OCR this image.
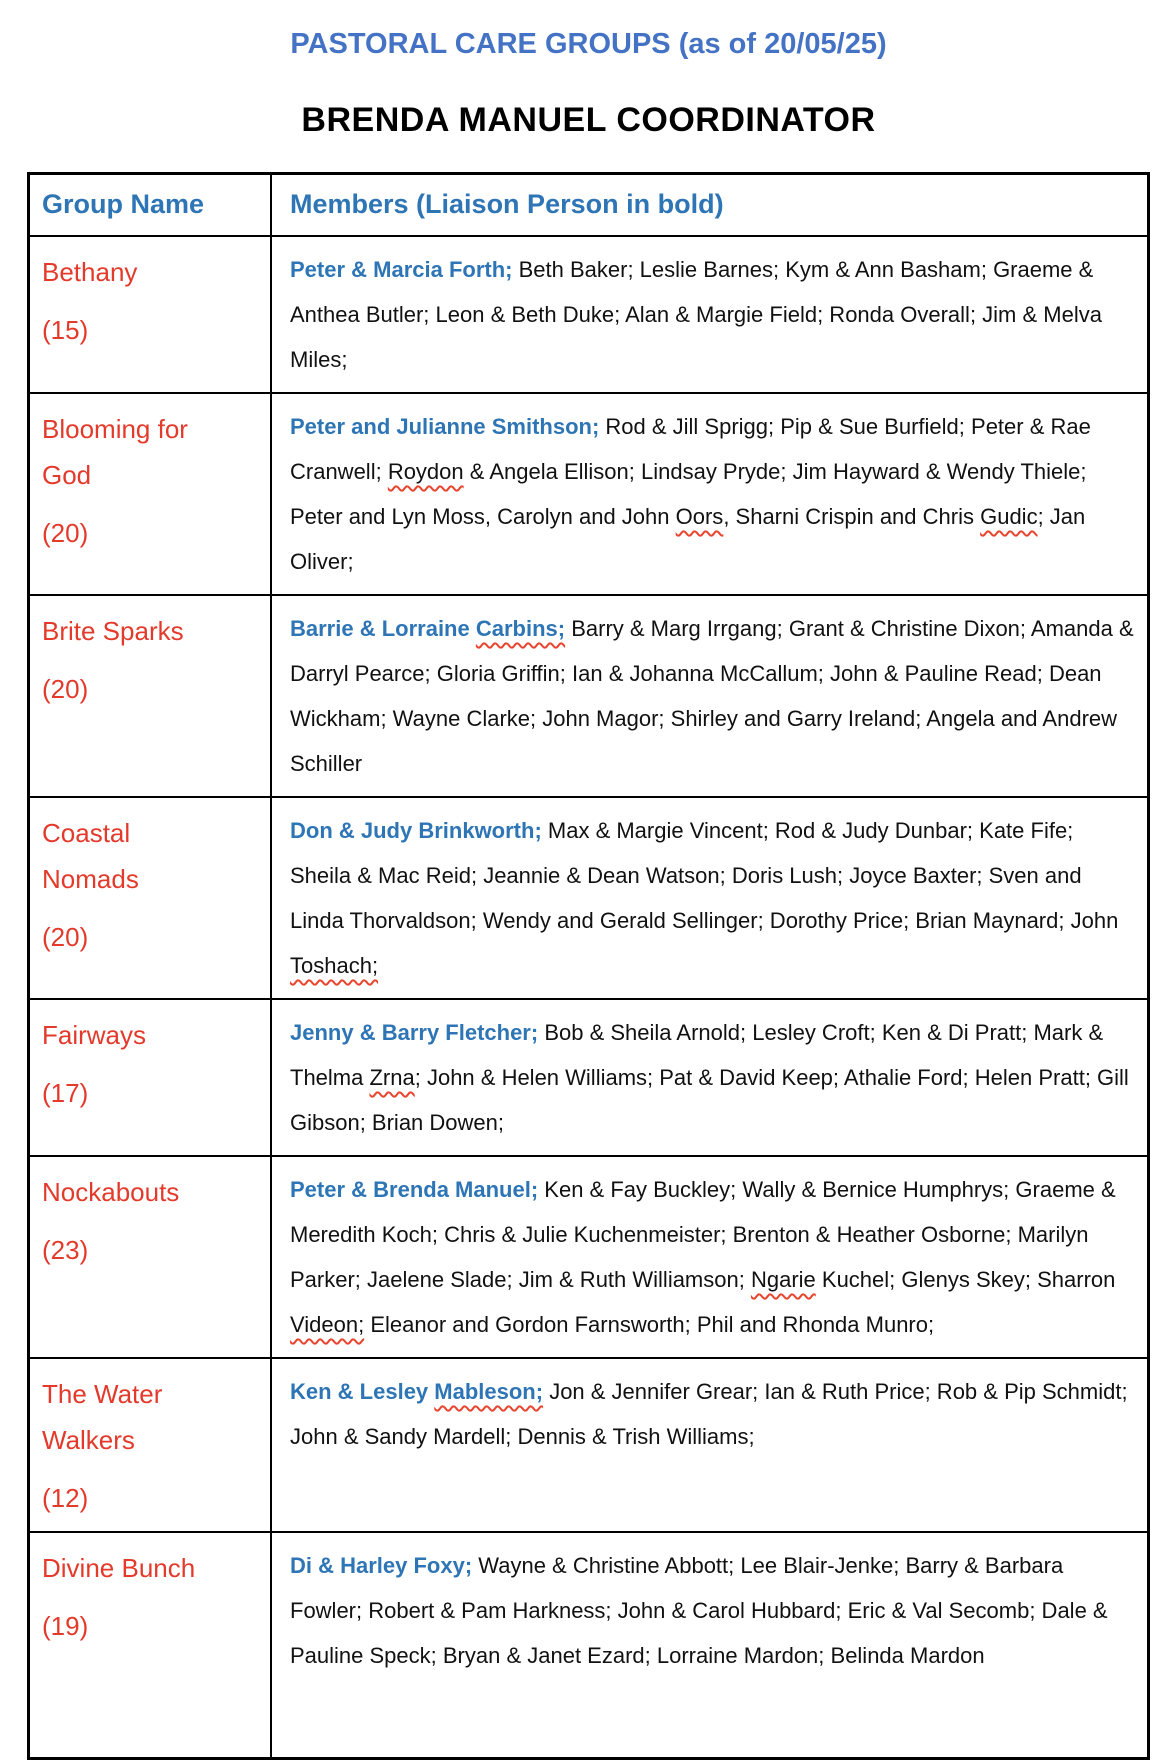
PASTORAL CARE GROUPS (as of 20/05/25)
BRENDA MANUEL COORDINATOR
Group Name	Members (Liaison Person in bold)

Bethany
(15)	Peter & Marcia Forth; Beth Baker; Leslie Barnes; Kym & Ann Basham; Graeme & Anthea Butler; Leon & Beth Duke; Alan & Margie Field; Ronda Overall; Jim & Melva Miles;

Blooming for God
(20)	Peter and Julianne Smithson; Rod & Jill Sprigg; Pip & Sue Burfield; Peter & Rae Cranwell; Roydon & Angela Ellison; Lindsay Pryde; Jim Hayward & Wendy Thiele; Peter and Lyn Moss, Carolyn and John Oors, Sharni Crispin and Chris Gudic; Jan Oliver;

Brite Sparks
(20)	Barrie & Lorraine Carbins; Barry & Marg Irrgang; Grant & Christine Dixon; Amanda & Darryl Pearce; Gloria Griffin; Ian & Johanna McCallum; John & Pauline Read; Dean Wickham; Wayne Clarke; John Magor; Shirley and Garry Ireland; Angela and Andrew Schiller

Coastal Nomads
(20)	Don & Judy Brinkworth; Max & Margie Vincent; Rod & Judy Dunbar; Kate Fife; Sheila & Mac Reid; Jeannie & Dean Watson; Doris Lush; Joyce Baxter; Sven and Linda Thorvaldson; Wendy and Gerald Sellinger; Dorothy Price; Brian Maynard; John Toshach;

Fairways
(17)	Jenny & Barry Fletcher; Bob & Sheila Arnold; Lesley Croft; Ken & Di Pratt; Mark & Thelma Zrna; John & Helen Williams; Pat & David Keep; Athalie Ford; Helen Pratt; Gill Gibson; Brian Dowen;

Nockabouts
(23)	Peter & Brenda Manuel; Ken & Fay Buckley; Wally & Bernice Humphrys; Graeme & Meredith Koch; Chris & Julie Kuchenmeister; Brenton & Heather Osborne; Marilyn Parker; Jaelene Slade; Jim & Ruth Williamson; Ngarie Kuchel; Glenys Skey; Sharron Videon; Eleanor and Gordon Farnsworth; Phil and Rhonda Munro;

The Water Walkers
(12)	Ken & Lesley Mableson; Jon & Jennifer Grear; Ian & Ruth Price; Rob & Pip Schmidt; John & Sandy Mardell; Dennis & Trish Williams;

Divine Bunch
(19)	Di & Harley Foxy; Wayne & Christine Abbott; Lee Blair-Jenke; Barry & Barbara Fowler; Robert & Pam Harkness; John & Carol Hubbard; Eric & Val Secomb; Dale & Pauline Speck; Bryan & Janet Ezard; Lorraine Mardon; Belinda Mardon
